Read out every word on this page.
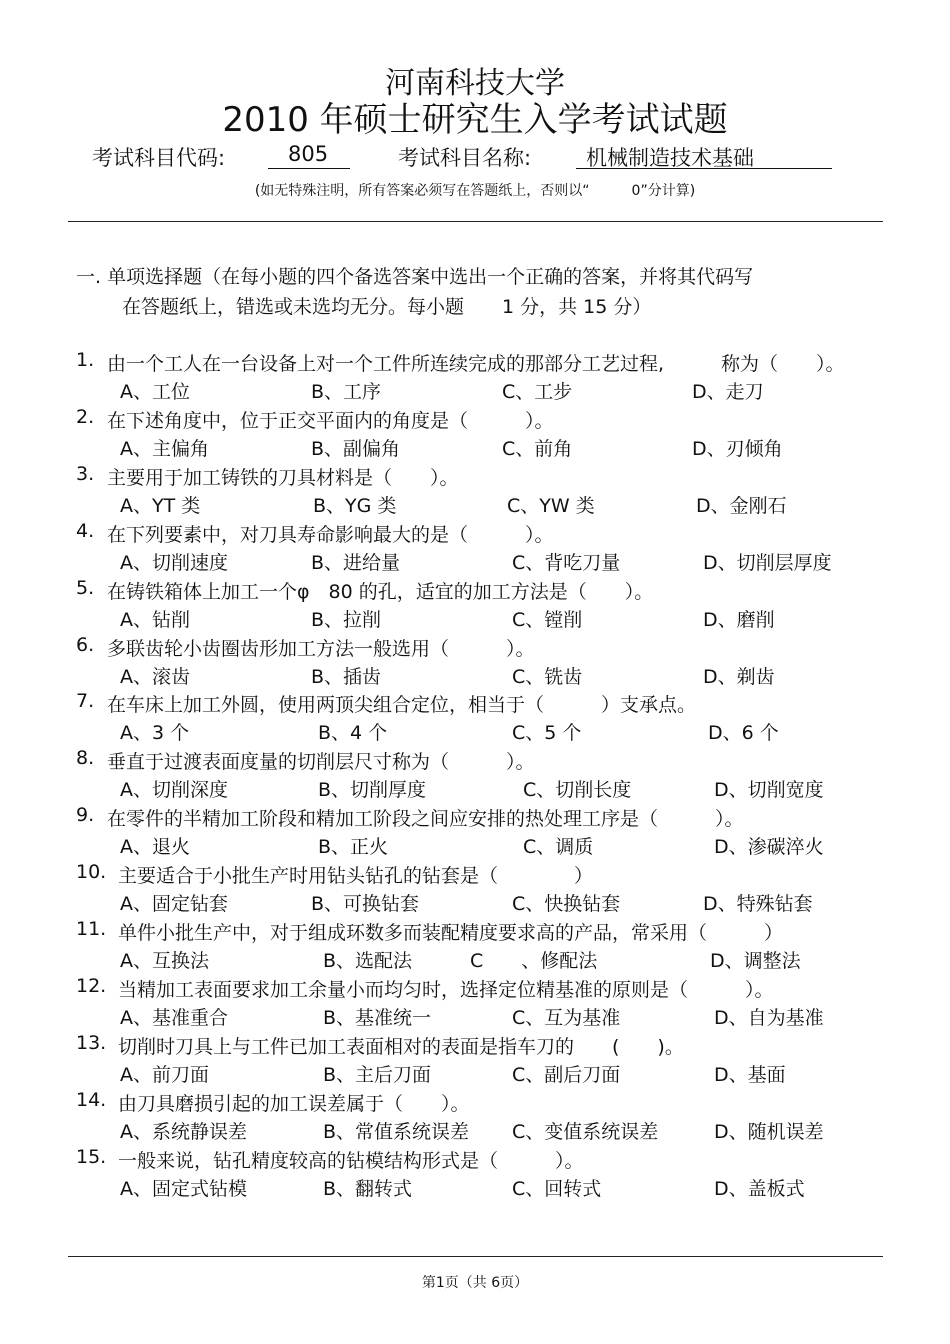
河南科技大学
2010 年硕士研究生入学考试试题
考试科目代码:	805	考试科目名称:	机械制造技术基础
(如无特殊注明，所有答案必须写在答题纸上，否则以“　　　0”分计算)
一. 单项选择题（在每小题的四个备选答案中选出一个正确的答案，并将其代码写
在答题纸上，错选或未选均无分。每小题　　1 分，共 15 分）
1. 由一个工人在一台设备上对一个工件所连续完成的那部分工艺过程,　　　称为（　　）。
A、工位	B、工序	C、工步	D、走刀
2. 在下述角度中，位于正交平面内的角度是（　　　）。
A、主偏角	B、副偏角	C、前角	D、刃倾角
3. 主要用于加工铸铁的刀具材料是（　　）。
A、YT 类	B、YG 类	C、YW 类	D、金刚石
4. 在下列要素中，对刀具寿命影响最大的是（　　　）。
A、切削速度	B、进给量	C、背吃刀量	D、切削层厚度
5. 在铸铁箱体上加工一个φ　80 的孔，适宜的加工方法是（　　）。
A、钻削	B、拉削	C、镗削	D、磨削
6. 多联齿轮小齿圈齿形加工方法一般选用（　　　）。
A、滚齿	B、插齿	C、铣齿	D、剃齿
7. 在车床上加工外圆，使用两顶尖组合定位，相当于（　　　）支承点。
A、3 个	B、4 个	C、5 个	D、6 个
8. 垂直于过渡表面度量的切削层尺寸称为（　　　）。
A、切削深度	B、切削厚度	C、切削长度	D、切削宽度
9. 在零件的半精加工阶段和精加工阶段之间应安排的热处理工序是（　　　）。
A、退火	B、正火	C、调质	D、渗碳淬火
10. 主要适合于小批生产时用钻头钻孔的钻套是（　　　　）
A、固定钻套	B、可换钻套	C、快换钻套	D、特殊钻套
11. 单件小批生产中，对于组成环数多而装配精度要求高的产品，常采用（　　　）
A、互换法	B、选配法	C　　、修配法	D、调整法
12. 当精加工表面要求加工余量小而均匀时，选择定位精基准的原则是（　　　）。
A、基准重合	B、基准统一	C、互为基准	D、自为基准
13. 切削时刀具上与工件已加工表面相对的表面是指车刀的　　(　　)。
A、前刀面	B、主后刀面	C、副后刀面	D、基面
14. 由刀具磨损引起的加工误差属于（　　）。
A、系统静误差	B、常值系统误差 C、变值系统误差	D、随机误差
15. 一般来说，钻孔精度较高的钻模结构形式是（　　　）。
A、固定式钻模	B、翻转式	C、回转式	D、盖板式
第1页（共 6页）
